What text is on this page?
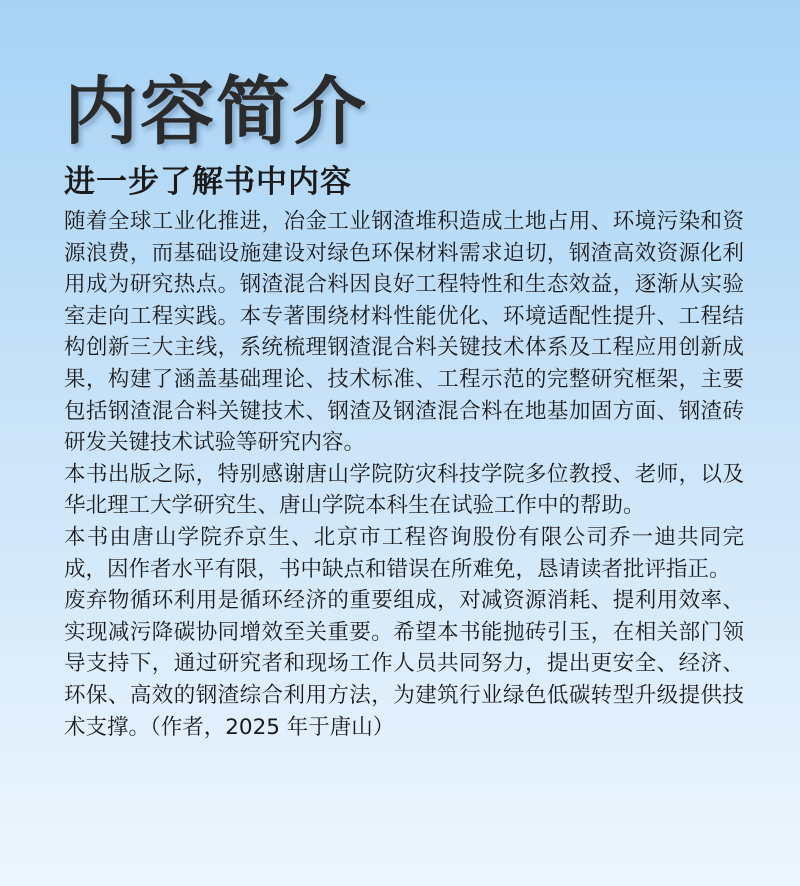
内容简介
进一步了解书中内容

随着全球工业化推进，冶金工业钢渣堆积造成土地占用、环境污染和资源浪费，而基础设施建设对绿色环保材料需求迫切，钢渣高效资源化利用成为研究热点。钢渣混合料因良好工程特性和生态效益，逐渐从实验室走向工程实践。本专著围绕材料性能优化、环境适配性提升、工程结构创新三大主线，系统梳理钢渣混合料关键技术体系及工程应用创新成果，构建了涵盖基础理论、技术标准、工程示范的完整研究框架，主要包括钢渣混合料关键技术、钢渣及钢渣混合料在地基加固方面、钢渣砖研发关键技术试验等研究内容。

本书出版之际，特别感谢唐山学院防灾科技学院多位教授、老师，以及华北理工大学研究生、唐山学院本科生在试验工作中的帮助。

本书由唐山学院乔京生、北京市工程咨询股份有限公司乔一迪共同完成，因作者水平有限，书中缺点和错误在所难免，恳请读者批评指正。

废弃物循环利用是循环经济的重要组成，对减资源消耗、提利用效率、实现减污降碳协同增效至关重要。希望本书能抛砖引玉，在相关部门领导支持下，通过研究者和现场工作人员共同努力，提出更安全、经济、环保、高效的钢渣综合利用方法，为建筑行业绿色低碳转型升级提供技术支撑。（作者，2025 年于唐山）
